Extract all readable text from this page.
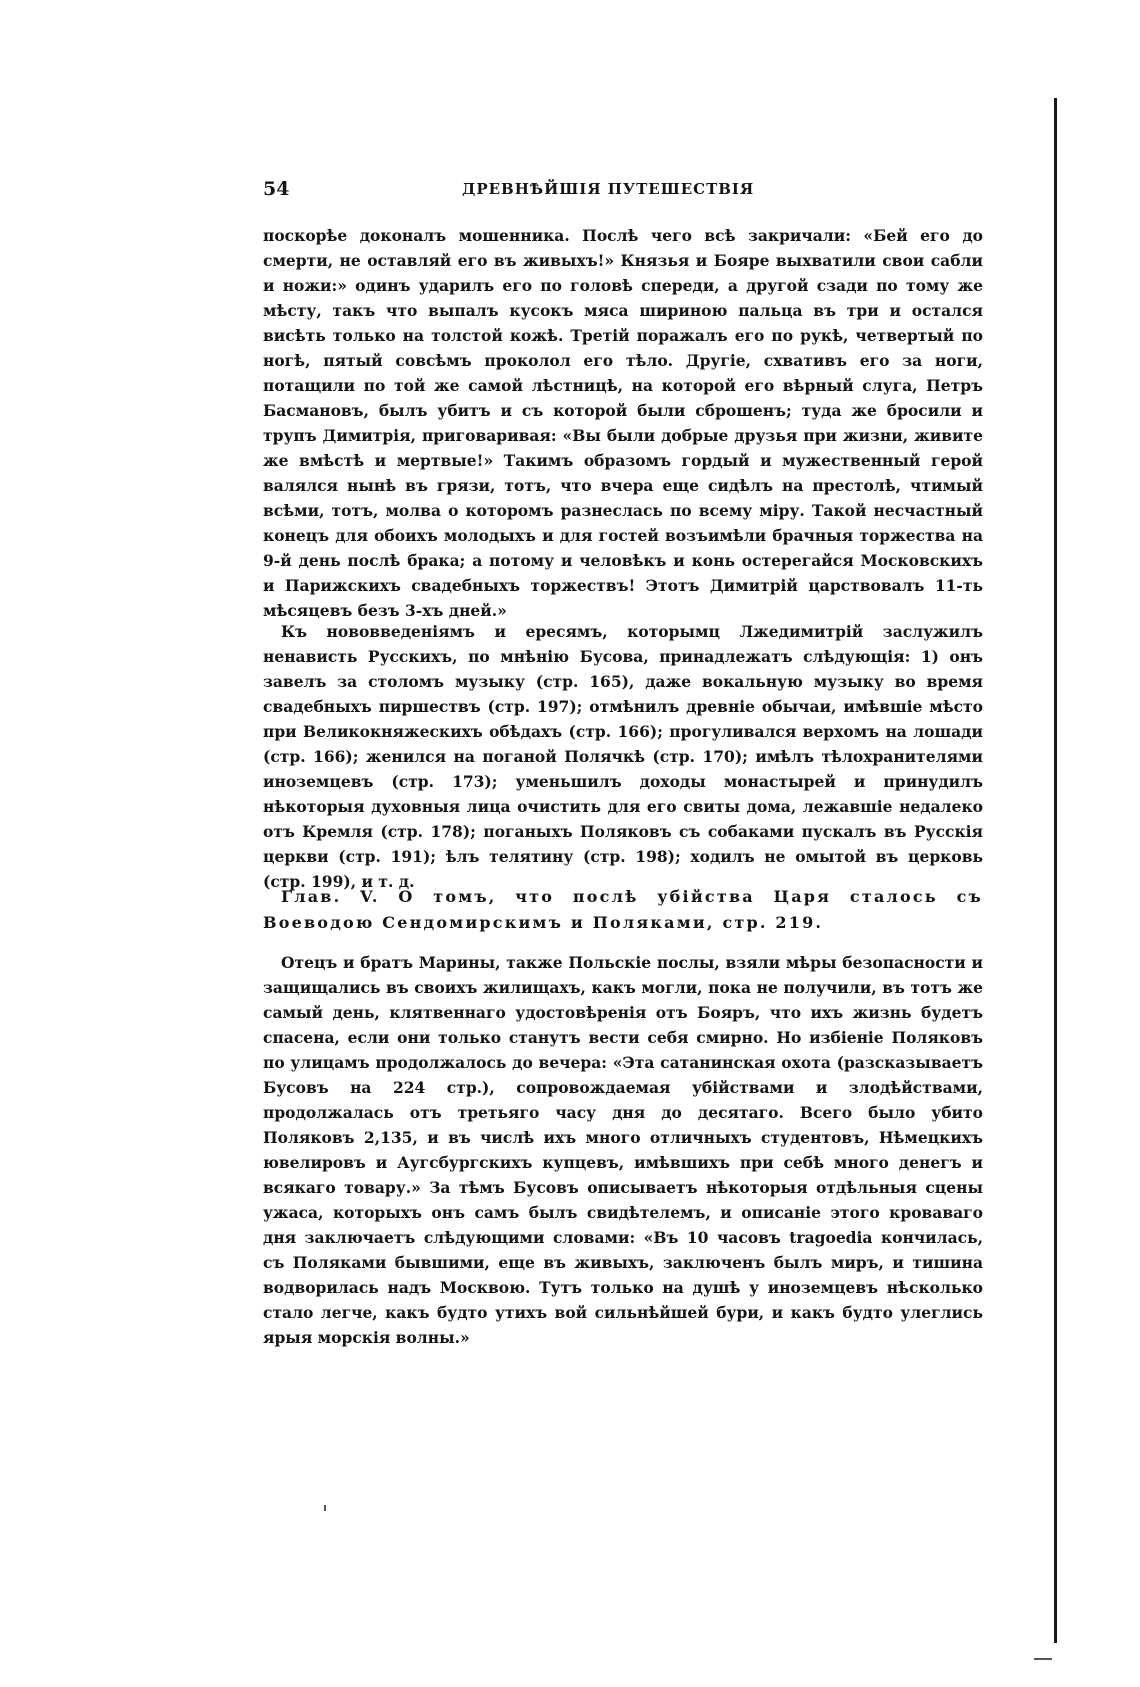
54	ДРЕВНѢЙШIЯ ПУТЕШЕСТВIЯ

поскорѣе доконалъ мошенника. Послѣ чего всѣ закричали: «Бей его до смерти, не оставляй его въ живыхъ!» Князья и Бояре выхватили свои сабли и ножи:» одинъ ударилъ его по головѣ спереди, а другой сзади по тому же мѣсту, такъ что выпалъ кусокъ мяса шириною пальца въ три и остался висѣть только на толстой кожѣ. Третій поражалъ его по рукѣ, четвертый по ногѣ, пятый совсѣмъ проколол его тѣло. Другіе, схвативъ его за ноги, потащили по той же самой лѣстницѣ, на которой его вѣрный слуга, Петръ Басмановъ, былъ убитъ и съ которой были сброшенъ; туда же бросили и трупъ Димитрія, приговаривая: «Вы были добрые друзья при жизни, живите же вмѣстѣ и мертвые!» Такимъ образомъ гордый и мужественный герой валялся нынѣ въ грязи, тотъ, что вчера еще сидѣлъ на престолѣ, чтимый всѣми, тотъ, молва о которомъ разнеслась по всему міру. Такой несчастный конецъ для обоихъ молодыхъ и для гостей возъимѣли брачныя торжества на 9-й день послѣ брака; а потому и человѣкъ и конь остерегайся Московскихъ и Парижскихъ свадебныхъ торжествъ! Этотъ Димитрій царствовалъ 11-ть мѣсяцевъ безъ 3-хъ дней.»

Къ нововведеніямъ и ересямъ, которымц Лжедимитрій заслужилъ ненависть Русскихъ, по мнѣнію Бусова, принадлежатъ слѣдующія: 1) онъ завелъ за столомъ музыку (стр. 165), даже вокальную музыку во время свадебныхъ пиршествъ (стр. 197); отмѣнилъ древніе обычаи, имѣвшіе мѣсто при Великокняжескихъ обѣдахъ (стр. 166); прогуливался верхомъ на лошади (стр. 166); женился на поганой Полячкѣ (стр. 170); имѣлъ тѣлохранителями иноземцевъ (стр. 173); уменьшилъ доходы монастырей и принудилъ нѣкоторыя духовныя лица очистить для его свиты дома, лежавшіе недалеко отъ Кремля (стр. 178); поганыхъ Поляковъ съ собаками пускалъ въ Русскія церкви (стр. 191); ѣлъ телятину (стр. 198); ходилъ не омытой въ церковь (стр. 199), и т. д.

Глав. V. О томъ, что послѣ убійства Царя сталось съ Воеводою Сендомирскимъ и Поляками, стр. 219.

Отецъ и братъ Марины, также Польскіе послы, взяли мѣры безопасности и защищались въ своихъ жилищахъ, какъ могли, пока не получили, въ тотъ же самый день, клятвеннаго удостовѣренія отъ Бояръ, что ихъ жизнь будетъ спасена, если они только станутъ вести себя смирно. Но избіеніе Поляковъ по улицамъ продолжалось до вечера: «Эта сатанинская охота (разсказываетъ Бусовъ на 224 стр.), сопровождаемая убійствами и злодѣйствами, продолжалась отъ третьяго часу дня до десятаго. Всего было убито Поляковъ 2,135, и въ числѣ ихъ много отличныхъ студентовъ, Нѣмецкихъ ювелировъ и Аугсбургскихъ купцевъ, имѣвшихъ при себѣ много денегъ и всякаго товару.» За тѣмъ Бусовъ описываетъ нѣкоторыя отдѣльныя сцены ужаса, которыхъ онъ самъ былъ свидѣтелемъ, и описаніе этого кроваваго дня заключаетъ слѣдующими словами: «Въ 10 часовъ tragoedia кончилась, съ Поляками бывшими, еще въ живыхъ, заключенъ былъ миръ, и тишина водворилась надъ Москвою. Тутъ только на душѣ у иноземцевъ нѣсколько стало легче, какъ будто утихъ вой сильнѣйшей бури, и какъ будто улеглись ярыя морскія волны.»
